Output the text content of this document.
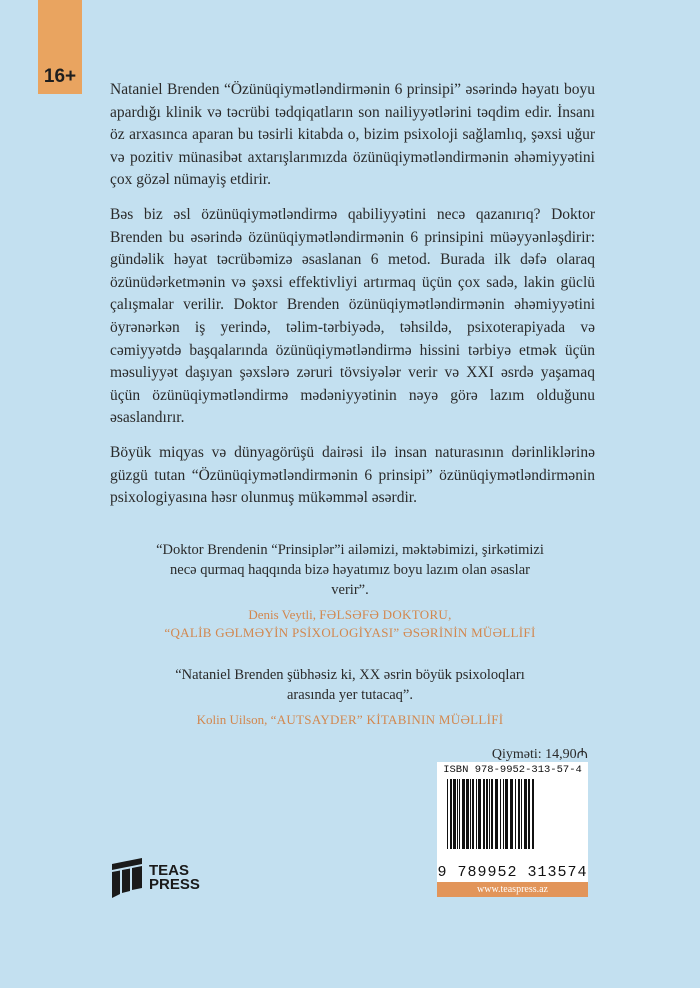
16+

Nataniel Brenden “Özünüqiymətləndirmənin 6 prinsipi” əsərində həyatı boyu apardığı klinik və təcrübi tədqiqatların son nailiyyətlərini təqdim edir. İnsanı öz arxasınca aparan bu təsirli kitabda o, bizim psixoloji sağlamlıq, şəxsi uğur və pozitiv münasibət axtarışlarımızda özünüqiymətləndirmənin əhəmiyyətini çox gözəl nümayiş etdirir.

Bəs biz əsl özünüqiymətləndirmə qabiliyyətini necə qazanırıq? Doktor Brenden bu əsərində özünüqiymətləndirmənin 6 prinsipini müəyyənləşdirir: gündəlik həyat təcrübəmizə əsaslanan 6 metod. Burada ilk dəfə olaraq özünüdərketmənin və şəxsi effektivliyi artırmaq üçün çox sadə, lakin güclü çalışmalar verilir. Doktor Brenden özünüqiymətləndirmənin əhəmiyyətini öyrənərkən iş yerində, təlim-tərbiyədə, təhsildə, psixoterapiyada və cəmiyyətdə başqalarında özünüqiymətləndirmə hissini tərbiyə etmək üçün məsuliyyət daşıyan şəxslərə zəruri tövsiyələr verir və XXI əsrdə yaşamaq üçün özünüqiymətləndirmə mədəniyyətinin nəyə görə lazım olduğunu əsaslandırır.

Böyük miqyas və dünyagörüşü dairəsi ilə insan naturasının dərinliklərinə güzgü tutan “Özünüqiymətləndirmənin 6 prinsipi” özünüqiymətləndirmənin psixologiyasına həsr olunmuş mükəmməl əsərdir.

“Doktor Brendenin “Prinsiplər”i ailəmizi, məktəbimizi, şirkətimizi necə qurmaq haqqında bizə həyatımız boyu lazım olan əsaslar verir”.
Denis Veytli, FƏLSƏFƏ DOKTORU,
“QALİB GƏLMƏYİN PSİXOLOGİYASI” ƏSƏRİNİN MÜƏLLİFİ
“Nataniel Brenden şübhəsiz ki, XX əsrin böyük psixoloqları arasında yer tutacaq”.
Kolin Uilson, “AUTSAYDER” KİTABININ MÜƏLLİFİ
Qiyməti: 14,90₼
ISBN 978-9952-313-57-4
9 789952 313574
www.teaspress.az
TEAS
PRESS
